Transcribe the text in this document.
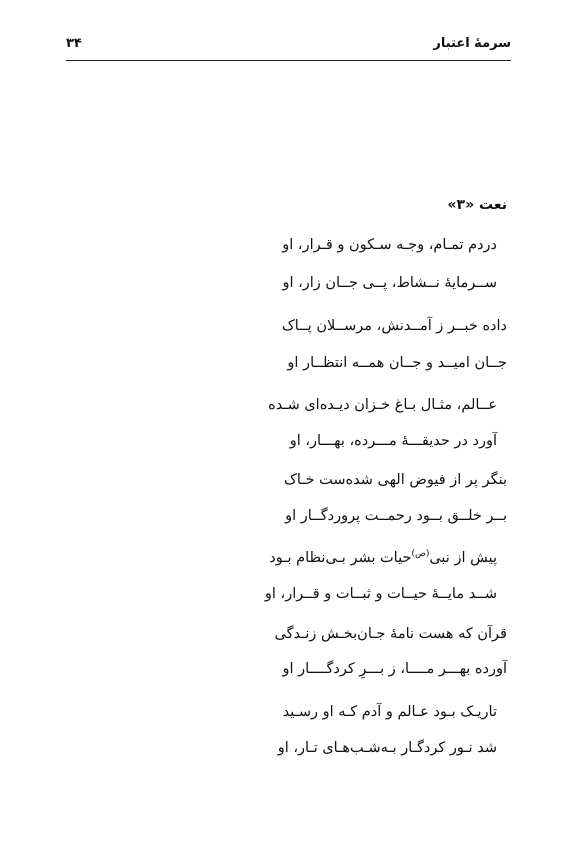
سرمهٔ اعتبار
۳۴
نعت «۳»
دردم تمـام، وجـه سـکون و قـرار، او
ســرمایهٔ نــشاط، پــی جــان زار، او
داده خبــر ز آمــدنش، مرســلان پــاک
جــان امیــد و جــان همــه انتظــار او
عــالم، مثـال بـاغ خـزان دیـده‌ای شـده
آورد در حدیقـــهٔ مـــرده، بهـــار، او
بنگر پر از فیوض الهی شده‌ست خـاک
بــر خلــق بــود رحمــت پروردگــار او
پیش از نبی$^{(ص)}$حیات بشر بـی‌نظام بـود
شــد مایــهٔ حیــات و ثبــات و قــرار، او
قرآن که هست نامهٔ جـان‌بخـش زنـدگی
آورده بهـــر مــــا، ز بـــرِ کردگــــار او
تاریـک بـود عـالم و آدم کـه او رسـید
شد نـور کردگـار بـه‌شـب‌هـای تـار، او
